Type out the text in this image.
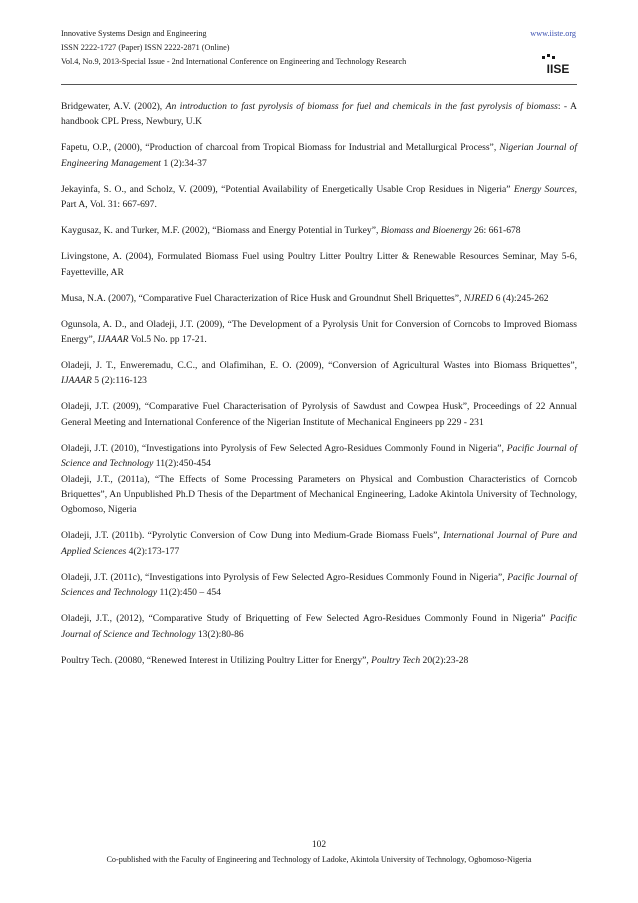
Innovative Systems Design and Engineering
ISSN 2222-1727 (Paper) ISSN 2222-2871 (Online)
Vol.4, No.9, 2013-Special Issue - 2nd International Conference on Engineering and Technology Research
www.iiste.org
IISE

Bridgewater, A.V. (2002), An introduction to fast pyrolysis of biomass for fuel and chemicals in the fast pyrolysis of biomass: - A handbook CPL Press, Newbury, U.K

Fapetu, O.P., (2000), “Production of charcoal from Tropical Biomass for Industrial and Metallurgical Process”, Nigerian Journal of Engineering Management 1 (2):34-37

Jekayinfa, S. O., and Scholz, V. (2009), “Potential Availability of Energetically Usable Crop Residues in Nigeria” Energy Sources, Part A, Vol. 31: 667-697.

Kaygusaz, K. and Turker, M.F. (2002), “Biomass and Energy Potential in Turkey”, Biomass and Bioenergy 26: 661-678

Livingstone, A. (2004), Formulated Biomass Fuel using Poultry Litter Poultry Litter & Renewable Resources Seminar, May 5-6, Fayetteville, AR

Musa, N.A. (2007), “Comparative Fuel Characterization of Rice Husk and Groundnut Shell Briquettes”, NJRED 6 (4):245-262

Ogunsola, A. D., and Oladeji, J.T. (2009), “The Development of a Pyrolysis Unit for Conversion of Corncobs to Improved Biomass Energy”, IJAAAR Vol.5 No. pp 17-21.

Oladeji, J. T., Enweremadu, C.C., and Olafimihan, E. O. (2009), “Conversion of Agricultural Wastes into Biomass Briquettes”, IJAAAR 5 (2):116-123

Oladeji, J.T. (2009), “Comparative Fuel Characterisation of Pyrolysis of Sawdust and Cowpea Husk”, Proceedings of 22 Annual General Meeting and International Conference of the Nigerian Institute of Mechanical Engineers pp 229 - 231

Oladeji, J.T. (2010), “Investigations into Pyrolysis of Few Selected Agro-Residues Commonly Found in Nigeria”, Pacific Journal of Science and Technology 11(2):450-454

Oladeji, J.T., (2011a), “The Effects of Some Processing Parameters on Physical and Combustion Characteristics of Corncob Briquettes”, An Unpublished Ph.D Thesis of the Department of Mechanical Engineering, Ladoke Akintola University of Technology, Ogbomoso, Nigeria

Oladeji, J.T. (2011b). “Pyrolytic Conversion of Cow Dung into Medium-Grade Biomass Fuels”, International Journal of Pure and Applied Sciences 4(2):173-177

Oladeji, J.T. (2011c), “Investigations into Pyrolysis of Few Selected Agro-Residues Commonly Found in Nigeria”, Pacific Journal of Sciences and Technology 11(2):450 – 454

Oladeji, J.T., (2012), “Comparative Study of Briquetting of Few Selected Agro-Residues Commonly Found in Nigeria” Pacific Journal of Science and Technology 13(2):80-86

Poultry Tech. (20080, “Renewed Interest in Utilizing Poultry Litter for Energy”, Poultry Tech 20(2):23-28

102
Co-published with the Faculty of Engineering and Technology of Ladoke, Akintola University of Technology, Ogbomoso-Nigeria
